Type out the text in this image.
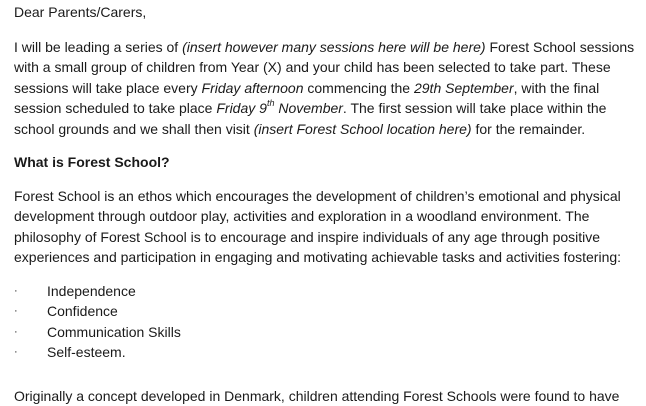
Dear Parents/Carers,

I will be leading a series of (insert however many sessions here will be here) Forest School sessions

with a small group of children from Year (X) and your child has been selected to take part. These

sessions will take place every Friday afternoon commencing the 29th September, with the final

session scheduled to take place Friday 9th November. The first session will take place within the

school grounds and we shall then visit (insert Forest School location here) for the remainder.

What is Forest School?

Forest School is an ethos which encourages the development of children’s emotional and physical

development through outdoor play, activities and exploration in a woodland environment. The

philosophy of Forest School is to encourage and inspire individuals of any age through positive

experiences and participation in engaging and motivating achievable tasks and activities fostering:

· Independence
· Confidence
· Communication Skills
· Self-esteem.

Originally a concept developed in Denmark, children attending Forest Schools were found to have
